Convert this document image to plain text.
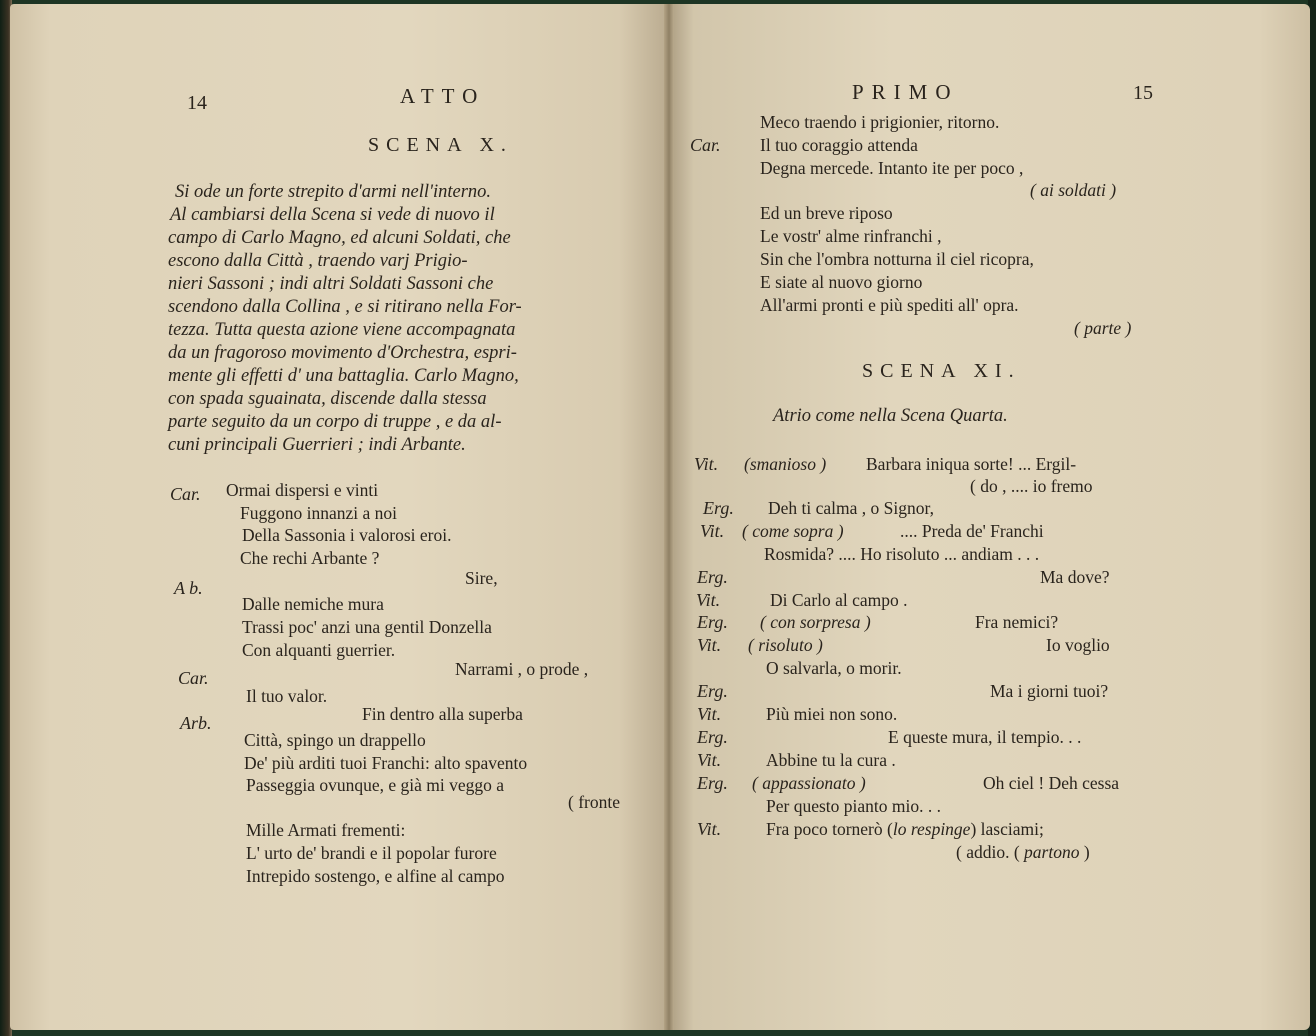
14	ATTO
SCENA X.
Si ode un forte strepito d'armi nell'interno.
Al cambiarsi della Scena si vede di nuovo il
campo di Carlo Magno, ed alcuni Soldati, che
escono dalla Città , traendo varj Prigio-
nieri Sassoni ; indi altri Soldati Sassoni che
scendono dalla Collina , e si ritirano nella For-
tezza. Tutta questa azione viene accompagnata
da un fragoroso movimento d'Orchestra, espri-
mente gli effetti d' una battaglia. Carlo Magno,
con spada sguainata, discende dalla stessa
parte seguito da un corpo di truppe , e da al-
cuni principali Guerrieri ; indi Arbante.
Car. Ormai dispersi e vinti
Fuggono innanzi a noi
Della Sassonia i valorosi eroi.
Che rechi Arbante ?
A b.	Sire,
Dalle nemiche mura
Trassi poc' anzi una gentil Donzella
Con alquanti guerrier.
Car.	Narrami , o prode ,
Il tuo valor.
Arb.	Fin dentro alla superba
Città, spingo un drappello
De' più arditi tuoi Franchi: alto spavento
Passeggia ovunque, e già mi veggo a
( fronte
Mille Armati frementi:
L' urto de' brandi e il popolar furore
Intrepido sostengo, e alfine al campo
PRIMO	15
Meco traendo i prigionier, ritorno.
Car. Il tuo coraggio attenda
Degna mercede. Intanto ite per poco ,
( ai soldati )
Ed un breve riposo
Le vostr' alme rinfranchi ,
Sin che l'ombra notturna il ciel ricopra,
E siate al nuovo giorno
All'armi pronti e più spediti all' opra.
( parte )
SCENA XI.
Atrio come nella Scena Quarta.
Vit. (smanioso ) Barbara iniqua sorte! ... Ergil-
( do , .... io fremo
Erg. Deh ti calma , o Signor,
Vit. ( come sopra )	.... Preda de' Franchi
Rosmida? .... Ho risoluto ... andiam . . .
Erg.	Ma dove?
Vit.	Di Carlo al campo .
Erg. ( con sorpresa )	Fra nemici?
Vit. ( risoluto )	Io voglio
O salvarla, o morir.
Erg.	Ma i giorni tuoi?
Vit.	Più miei non sono.
Erg.	E queste mura, il tempio. . .
Vit.	Abbine tu la cura .
Erg. ( appassionato )	Oh ciel ! Deh cessa
Per questo pianto mio. . .
Vit.	Fra poco tornerò (lo respinge) lasciami;
( addio. ( partono )
